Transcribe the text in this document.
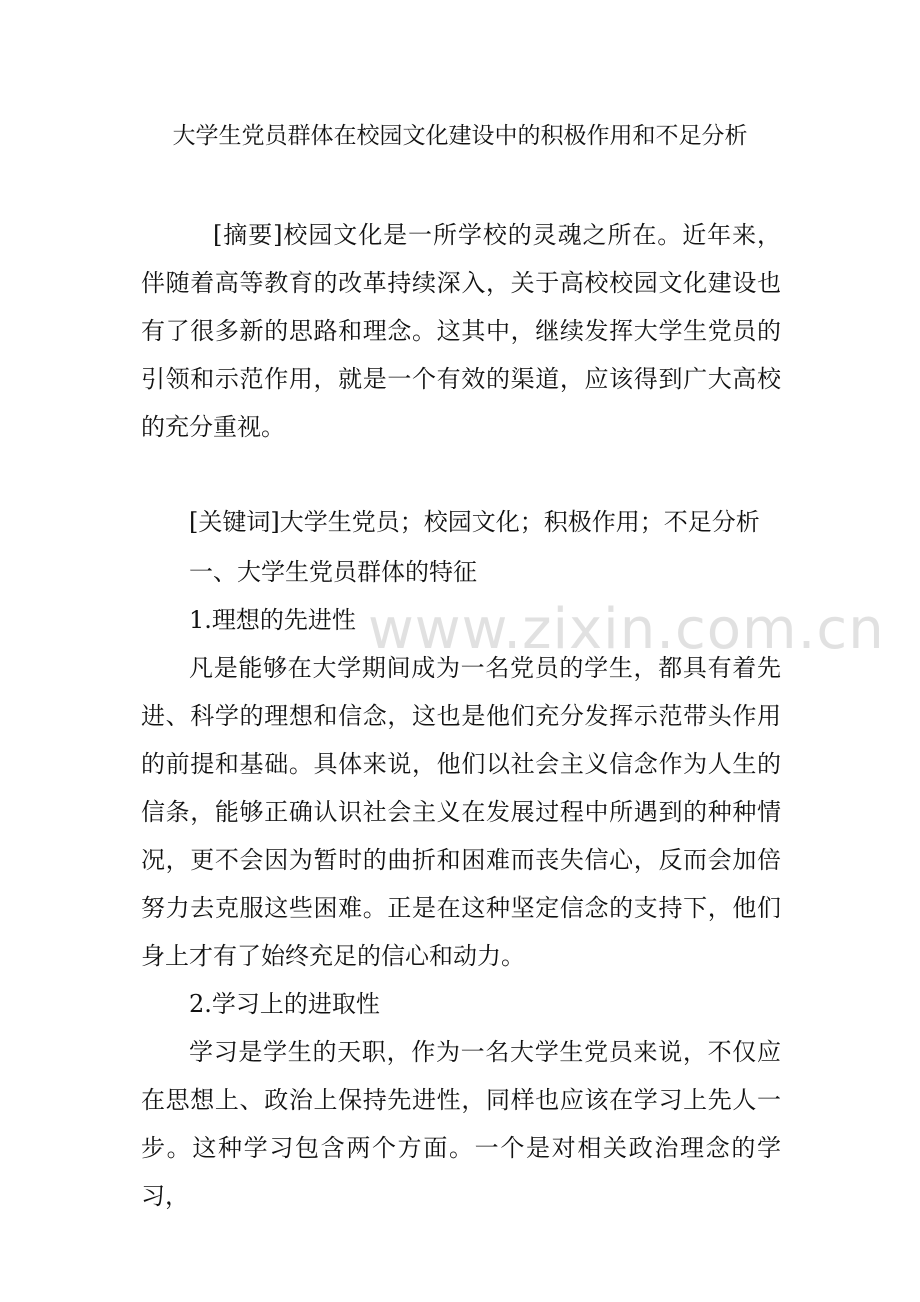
大学生党员群体在校园文化建设中的积极作用和不足分析

[摘要]校园文化是一所学校的灵魂之所在。近年来，伴随着高等教育的改革持续深入，关于高校校园文化建设也有了很多新的思路和理念。这其中，继续发挥大学生党员的引领和示范作用，就是一个有效的渠道，应该得到广大高校的充分重视。

[关键词]大学生党员；校园文化；积极作用；不足分析

一、大学生党员群体的特征

1.理想的先进性

凡是能够在大学期间成为一名党员的学生，都具有着先进、科学的理想和信念，这也是他们充分发挥示范带头作用的前提和基础。具体来说，他们以社会主义信念作为人生的信条，能够正确认识社会主义在发展过程中所遇到的种种情况，更不会因为暂时的曲折和困难而丧失信心，反而会加倍努力去克服这些困难。正是在这种坚定信念的支持下，他们身上才有了始终充足的信心和动力。

2.学习上的进取性

学习是学生的天职，作为一名大学生党员来说，不仅应在思想上、政治上保持先进性，同样也应该在学习上先人一步。这种学习包含两个方面。一个是对相关政治理念的学习，

www.zixin.com.cn
